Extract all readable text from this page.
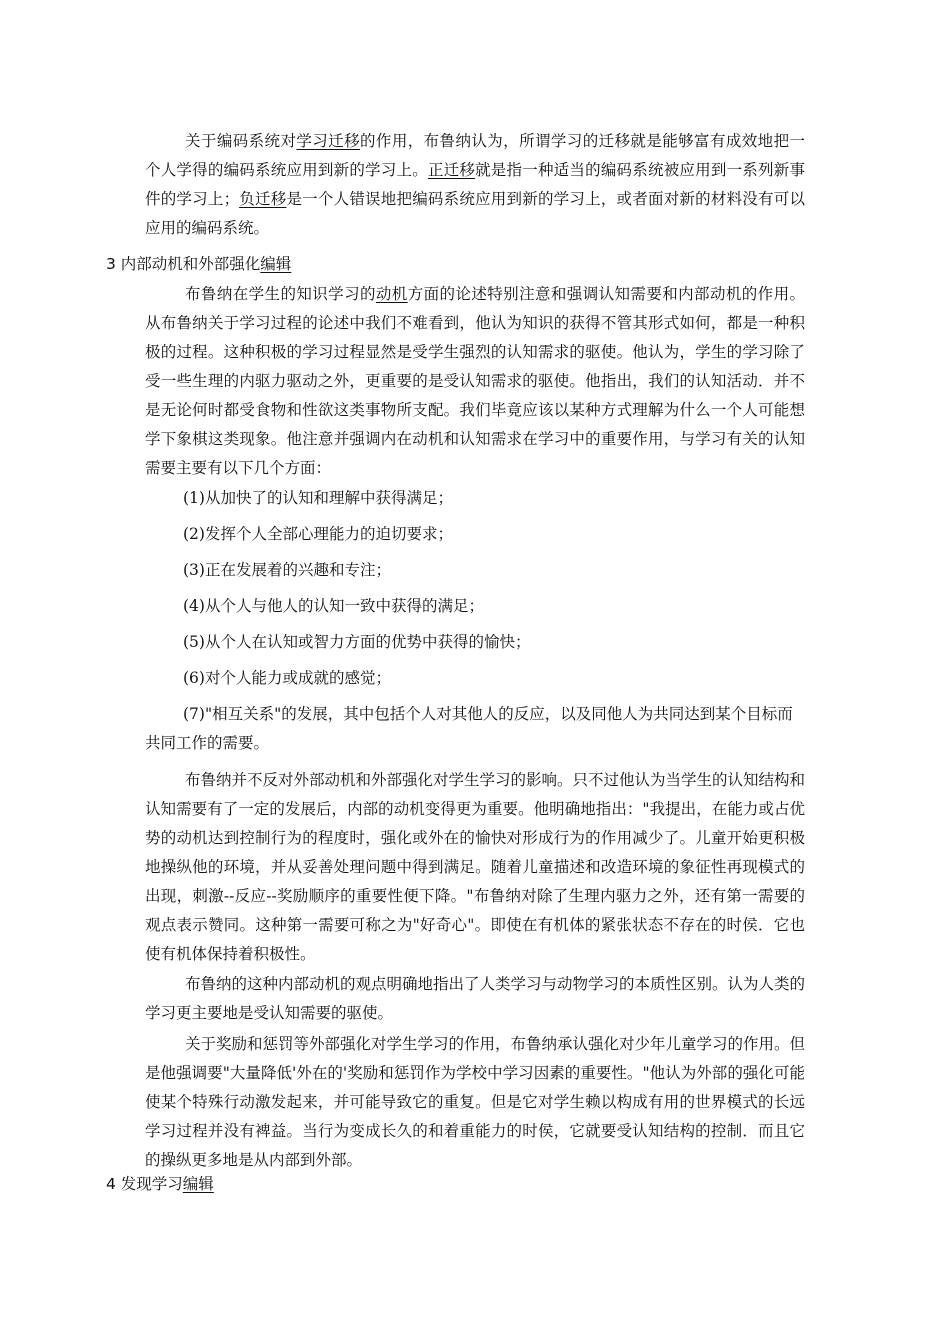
关于编码系统对学习迁移的作用，布鲁纳认为，所谓学习的迁移就是能够富有成效地把一个人学得的编码系统应用到新的学习上。正迁移就是指一种适当的编码系统被应用到一系列新事件的学习上；负迁移是一个人错误地把编码系统应用到新的学习上，或者面对新的材料没有可以应用的编码系统。

3 内部动机和外部强化编辑

布鲁纳在学生的知识学习的动机方面的论述特别注意和强调认知需要和内部动机的作用。从布鲁纳关于学习过程的论述中我们不难看到，他认为知识的获得不管其形式如何，都是一种积极的过程。这种积极的学习过程显然是受学生强烈的认知需求的驱使。他认为，学生的学习除了受一些生理的内驱力驱动之外，更重要的是受认知需求的驱使。他指出，我们的认知活动．并不是无论何时都受食物和性欲这类事物所支配。我们毕竟应该以某种方式理解为什么一个人可能想学下象棋这类现象。他注意并强调内在动机和认知需求在学习中的重要作用，与学习有关的认知需要主要有以下几个方面：

(1)从加快了的认知和理解中获得满足；

(2)发挥个人全部心理能力的迫切要求；

(3)正在发展着的兴趣和专注；

(4)从个人与他人的认知一致中获得的满足；

(5)从个人在认知或智力方面的优势中获得的愉快；

(6)对个人能力或成就的感觉；

(7)"相互关系"的发展，其中包括个人对其他人的反应，以及同他人为共同达到某个目标而共同工作的需要。

布鲁纳并不反对外部动机和外部强化对学生学习的影响。只不过他认为当学生的认知结构和认知需要有了一定的发展后，内部的动机变得更为重要。他明确地指出："我提出，在能力或占优势的动机达到控制行为的程度时，强化或外在的愉快对形成行为的作用减少了。儿童开始更积极地操纵他的环境，并从妥善处理问题中得到满足。随着儿童描述和改造环境的象征性再现模式的出现，刺激--反应--奖励顺序的重要性便下降。"布鲁纳对除了生理内驱力之外，还有第一需要的观点表示赞同。这种第一需要可称之为"好奇心"。即使在有机体的紧张状态不存在的时侯．它也使有机体保持着积极性。

布鲁纳的这种内部动机的观点明确地指出了人类学习与动物学习的本质性区别。认为人类的学习更主要地是受认知需要的驱使。

关于奖励和惩罚等外部强化对学生学习的作用，布鲁纳承认强化对少年儿童学习的作用。但是他强调要"大量降低'外在的'奖励和惩罚作为学校中学习因素的重要性。"他认为外部的强化可能使某个特殊行动激发起来，并可能导致它的重复。但是它对学生赖以构成有用的世界模式的长远学习过程并没有裨益。当行为变成长久的和着重能力的时侯，它就要受认知结构的控制．而且它的操纵更多地是从内部到外部。

4 发现学习编辑
